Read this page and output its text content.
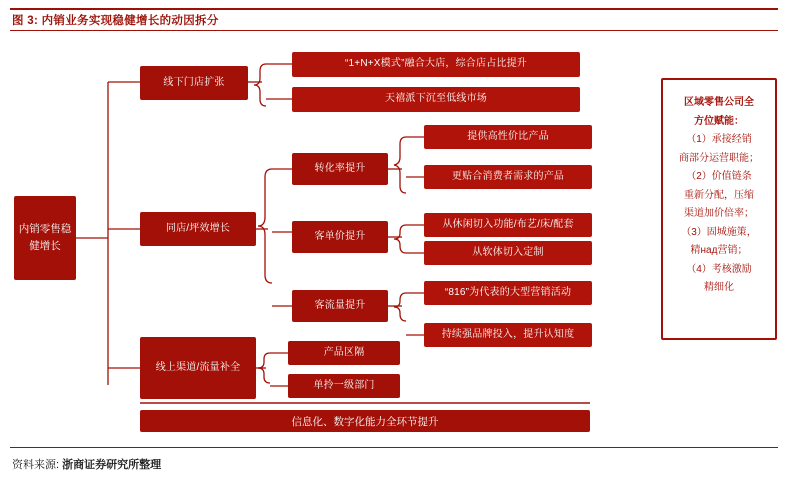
图 3: 内销业务实现稳健增长的动因拆分
内销零售稳健增长
线下门店扩张
同店/坪效增长
线上渠道/流量补全
“1+N+X模式”融合大店，综合店占比提升
天禧派下沉至低线市场
转化率提升
客单价提升
客流量提升
提供高性价比产品
更贴合消费者需求的产品
从休闲切入功能/布艺/床/配套
从软体切入定制
“816”为代表的大型营销活动
持续强品牌投入，提升认知度
产品区隔
单拎一级部门
区域零售公司全
方位赋能：
（1）承接经销
商部分运营职能；
（2）价值链条
重新分配，压缩
渠道加价倍率；
（3）固城施策，
精над营销；
（4）考核激励
精细化
信息化、数字化能力全环节提升
资料来源: 浙商证券研究所整理
